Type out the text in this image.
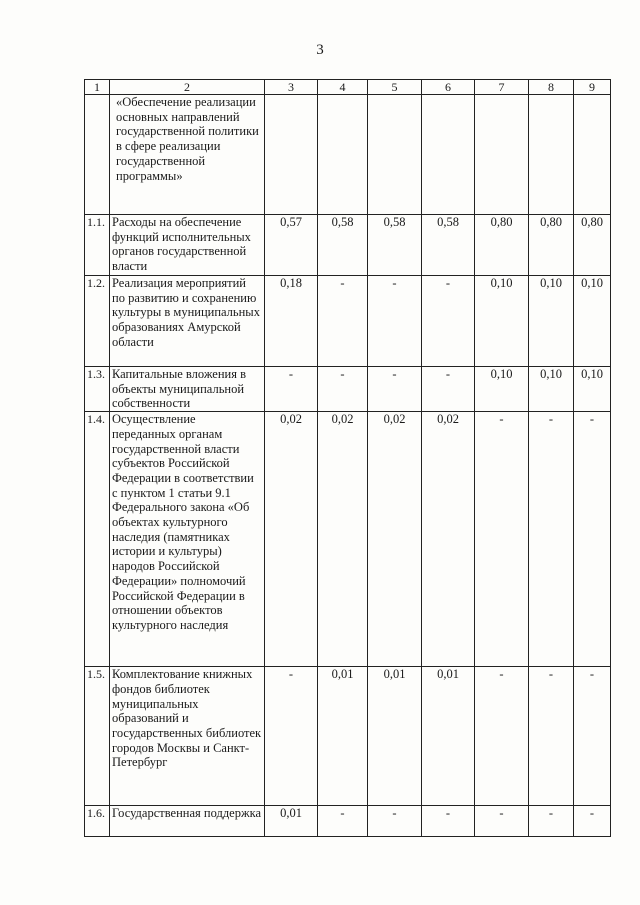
3
1	2	3	4	5	6	7	8	9
	«Обеспечение реализации основных направлений государственной политики в сфере реализации государственной программы»							
1.1.	Расходы на обеспечение функций исполнительных органов государственной власти	0,57	0,58	0,58	0,58	0,80	0,80	0,80
1.2.	Реализация мероприятий по развитию и сохранению культуры в муниципальных образованиях Амурской области	0,18	-	-	-	0,10	0,10	0,10
1.3.	Капитальные вложения в объекты муниципальной собственности	-	-	-	-	0,10	0,10	0,10
1.4.	Осуществление переданных органам государственной власти субъектов Российской Федерации в соответствии с пунктом 1 статьи 9.1 Федерального закона «Об объектах культурного наследия (памятниках истории и культуры) народов Российской Федерации» полномочий Российской Федерации в отношении объектов культурного наследия	0,02	0,02	0,02	0,02	-	-	-
1.5.	Комплектование книжных фондов библиотек муниципальных образований и государственных библиотек городов Москвы и Санкт-Петербург	-	0,01	0,01	0,01	-	-	-
1.6.	Государственная поддержка	0,01	-	-	-	-	-	-
